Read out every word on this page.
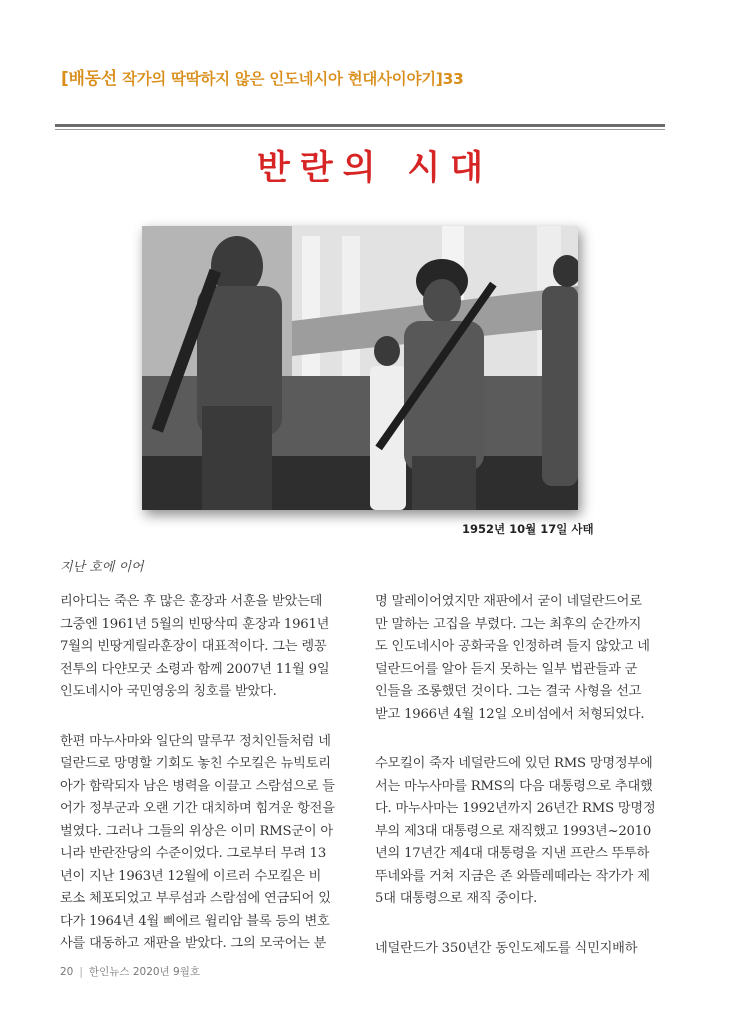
[배동선 작가의 딱딱하지 않은 인도네시아 현대사이야기]33
반란의 시대
1952년 10월 17일 사태
지난 호에 이어

리아디는 죽은 후 많은 훈장과 서훈을 받았는데
그중엔 1961년 5월의 빈땅삭띠 훈장과 1961년
7월의 빈땅게릴라훈장이 대표적이다. 그는 렝꽁
전투의 다얀모굿 소령과 함께 2007년 11월 9일
인도네시아 국민영웅의 칭호를 받았다.

한편 마누사마와 일단의 말루꾸 정치인들처럼 네
덜란드로 망명할 기회도 놓친 수모킬은 뉴빅토리
아가 함락되자 남은 병력을 이끌고 스람섬으로 들
어가 정부군과 오랜 기간 대치하며 힘겨운 항전을
벌였다. 그러나 그들의 위상은 이미 RMS군이 아
니라 반란잔당의 수준이었다. 그로부터 무려 13
년이 지난 1963년 12월에 이르러 수모킬은 비
로소 체포되었고 부루섬과 스람섬에 연금되어 있
다가 1964년 4월 삐에르 윌리암 블록 등의 변호
사를 대동하고 재판을 받았다. 그의 모국어는 분

명 말레이어였지만 재판에서 굳이 네덜란드어로
만 말하는 고집을 부렸다. 그는 최후의 순간까지
도 인도네시아 공화국을 인정하려 들지 않았고 네
덜란드어를 알아 듣지 못하는 일부 법관들과 군
인들을 조롱했던 것이다. 그는 결국 사형을 선고
받고 1966년 4월 12일 오비섬에서 처형되었다.

수모킬이 죽자 네덜란드에 있던 RMS 망명정부에
서는 마누사마를 RMS의 다음 대통령으로 추대했
다. 마누사마는 1992년까지 26년간 RMS 망명정
부의 제3대 대통령으로 재직했고 1993년~2010
년의 17년간 제4대 대통령을 지낸 프란스 뚜투하
뚜네와를 거쳐 지금은 존 와뜰레떼라는 작가가 제
5대 대통령으로 재직 중이다.

네덜란드가 350년간 동인도제도를 식민지배하

20 | 한인뉴스 2020년 9월호
